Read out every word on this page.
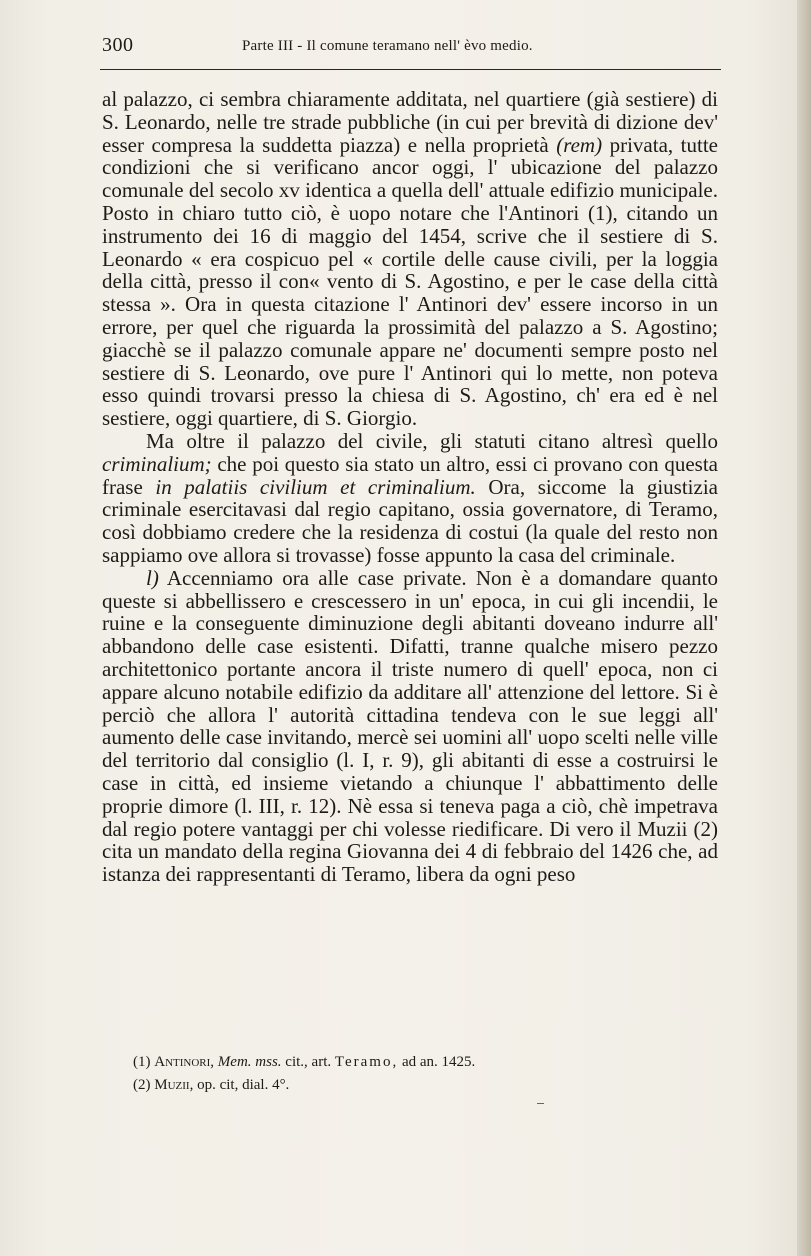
300	Parte III - Il comune teramano nell' èvo medio.

al palazzo, ci sembra chiaramente additata, nel quartiere (già sestiere) di S. Leonardo, nelle tre strade pubbliche (in cui per brevità di dizione dev' esser compresa la suddetta piazza) e nella proprietà (rem) privata, tutte condizioni che si verificano ancor oggi, l' ubicazione del palazzo comunale del secolo xv identica a quella dell' attuale edifizio municipale. Posto in chiaro tutto ciò, è uopo notare che l'Antinori (1), citando un instrumento dei 16 di maggio del 1454, scrive che il sestiere di S. Leonardo « era cospicuo pel « cortile delle cause civili, per la loggia della città, presso il con« vento di S. Agostino, e per le case della città stessa ». Ora in questa citazione l' Antinori dev' essere incorso in un errore, per quel che riguarda la prossimità del palazzo a S. Agostino; giacchè se il palazzo comunale appare ne' documenti sempre posto nel sestiere di S. Leonardo, ove pure l' Antinori qui lo mette, non poteva esso quindi trovarsi presso la chiesa di S. Agostino, ch' era ed è nel sestiere, oggi quartiere, di S. Giorgio.

Ma oltre il palazzo del civile, gli statuti citano altresì quello criminalium; che poi questo sia stato un altro, essi ci provano con questa frase in palatiis civilium et criminalium. Ora, siccome la giustizia criminale esercitavasi dal regio capitano, ossia governatore, di Teramo, così dobbiamo credere che la residenza di costui (la quale del resto non sappiamo ove allora si trovasse) fosse appunto la casa del criminale.

l) Accenniamo ora alle case private. Non è a domandare quanto queste si abbellissero e crescessero in un' epoca, in cui gli incendii, le ruine e la conseguente diminuzione degli abitanti doveano indurre all' abbandono delle case esistenti. Difatti, tranne qualche misero pezzo architettonico portante ancora il triste numero di quell' epoca, non ci appare alcuno notabile edifizio da additare all' attenzione del lettore. Si è perciò che allora l' autorità cittadina tendeva con le sue leggi all' aumento delle case invitando, mercè sei uomini all' uopo scelti nelle ville del territorio dal consiglio (l. I, r. 9), gli abitanti di esse a costruirsi le case in città, ed insieme vietando a chiunque l' abbattimento delle proprie dimore (l. III, r. 12). Nè essa si teneva paga a ciò, chè impetrava dal regio potere vantaggi per chi volesse riedificare. Di vero il Muzii (2) cita un mandato della regina Giovanna dei 4 di febbraio del 1426 che, ad istanza dei rappresentanti di Teramo, libera da ogni peso

(1) Antinori, Mem. mss. cit., art. Teramo, ad an. 1425.
(2) Muzii, op. cit, dial. 4°.
